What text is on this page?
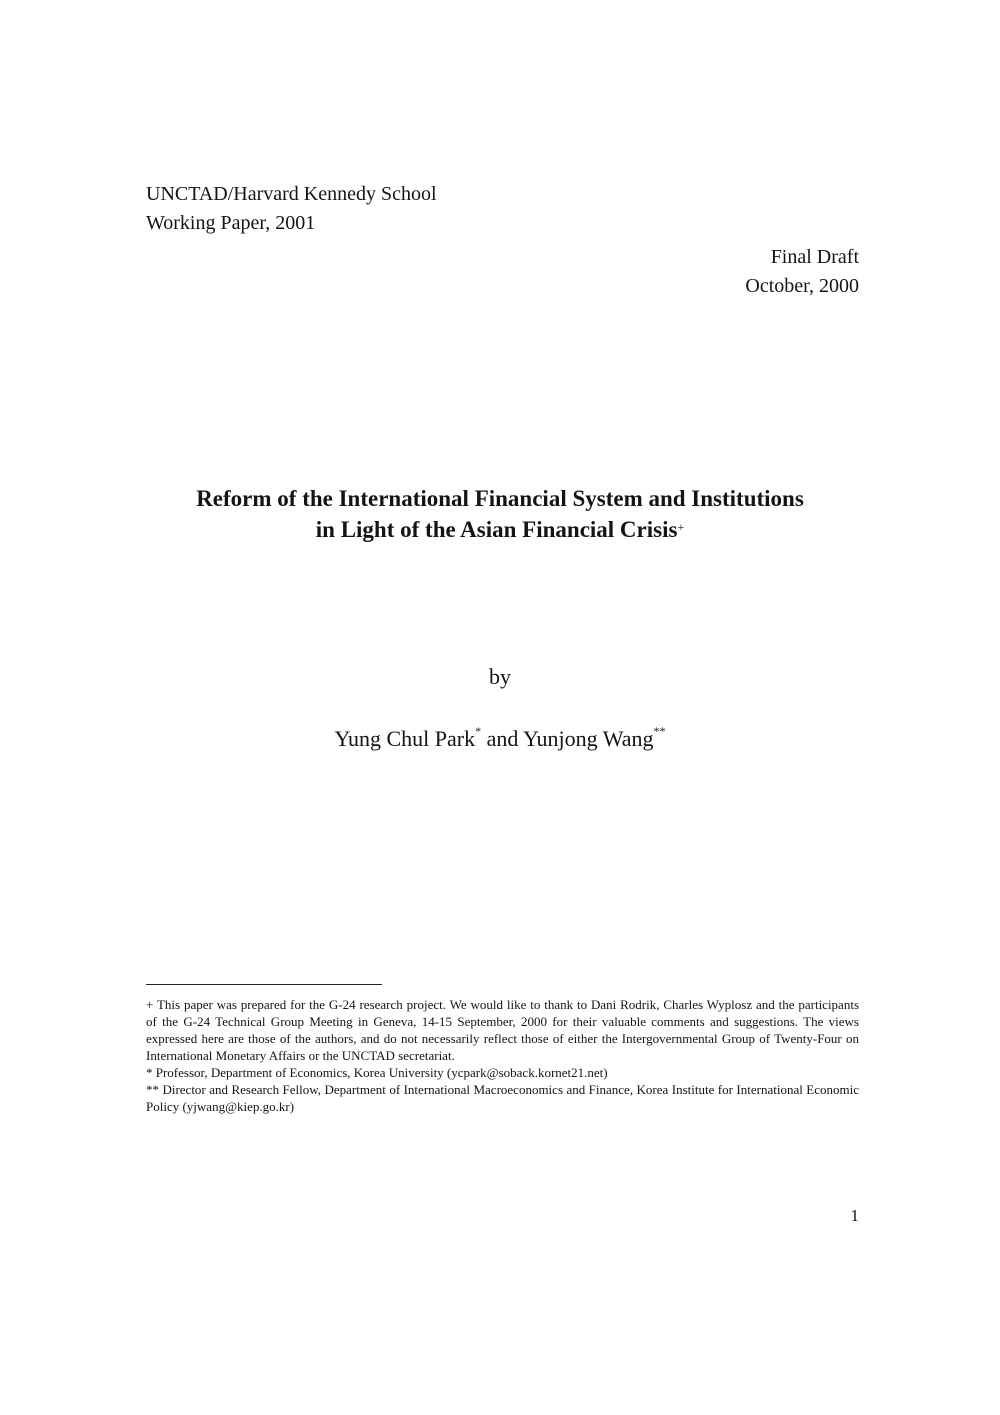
UNCTAD/Harvard Kennedy School
Working Paper, 2001
Final Draft
October, 2000
Reform of the International Financial System and Institutions
in Light of the Asian Financial Crisis+
by
Yung Chul Park* and Yunjong Wang**

+ This paper was prepared for the G-24 research project. We would like to thank to Dani Rodrik, Charles Wyplosz and the participants of the G-24 Technical Group Meeting in Geneva, 14-15 September, 2000 for their valuable comments and suggestions. The views expressed here are those of the authors, and do not necessarily reflect those of either the Intergovernmental Group of Twenty-Four on International Monetary Affairs or the UNCTAD secretariat.

* Professor, Department of Economics, Korea University (ycpark@soback.kornet21.net)

** Director and Research Fellow, Department of International Macroeconomics and Finance, Korea Institute for International Economic Policy (yjwang@kiep.go.kr)

1
